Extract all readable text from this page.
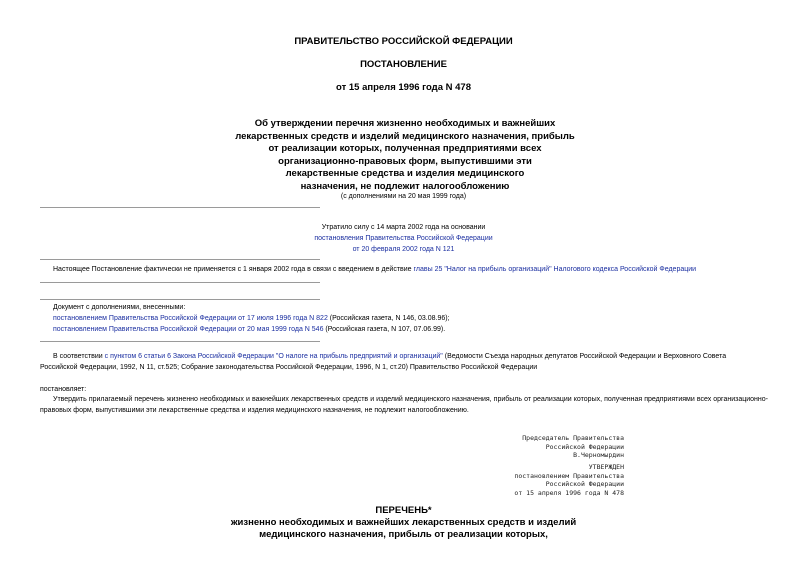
ПРАВИТЕЛЬСТВО РОССИЙСКОЙ ФЕДЕРАЦИИ
ПОСТАНОВЛЕНИЕ
от 15 апреля 1996 года N 478
Об утверждении перечня жизненно необходимых и важнейших
лекарственных средств и изделий медицинского назначения, прибыль
от реализации которых, полученная предприятиями всех
организационно-правовых форм, выпустившими эти
лекарственные средства и изделия медицинского
назначения, не подлежит налогообложению
(с дополнениями на 20 мая 1999 года)
Утратило силу с 14 марта 2002 года на основании
постановления Правительства Российской Федерации
от 20 февраля 2002 года N 121
Настоящее Постановление фактически не применяется с 1 января 2002 года в связи с введением в действие главы 25 "Налог на прибыль организаций" Налогового кодекса Российской Федерации
Документ с дополнениями, внесенными:
постановлением Правительства Российской Федерации от 17 июля 1996 года N 822 (Российская газета, N 146, 03.08.96);
постановлением Правительства Российской Федерации от 20 мая 1999 года N 546 (Российская газета, N 107, 07.06.99).
В соответствии с пунктом 6 статьи 6 Закона Российской Федерации "О налоге на прибыль предприятий и организаций" (Ведомости Съезда народных депутатов Российской Федерации и Верховного Совета
Российской Федерации, 1992, N 11, ст.525; Собрание законодательства Российской Федерации, 1996, N 1, ст.20) Правительство Российской Федерации
постановляет:
Утвердить прилагаемый перечень жизненно необходимых и важнейших лекарственных средств и изделий медицинского назначения, прибыль от реализации которых, полученная предприятиями всех организационно-правовых форм, выпустившими эти лекарственные средства и изделия медицинского назначения, не подлежит налогообложению.
Председатель Правительства
Российской Федерации
В.Черномырдин
УТВЕРЖДЕН
постановлением Правительства
Российской Федерации
от 15 апреля 1996 года N 478
ПЕРЕЧЕНЬ*
жизненно необходимых и важнейших лекарственных средств и изделий
медицинского назначения, прибыль от реализации которых,
